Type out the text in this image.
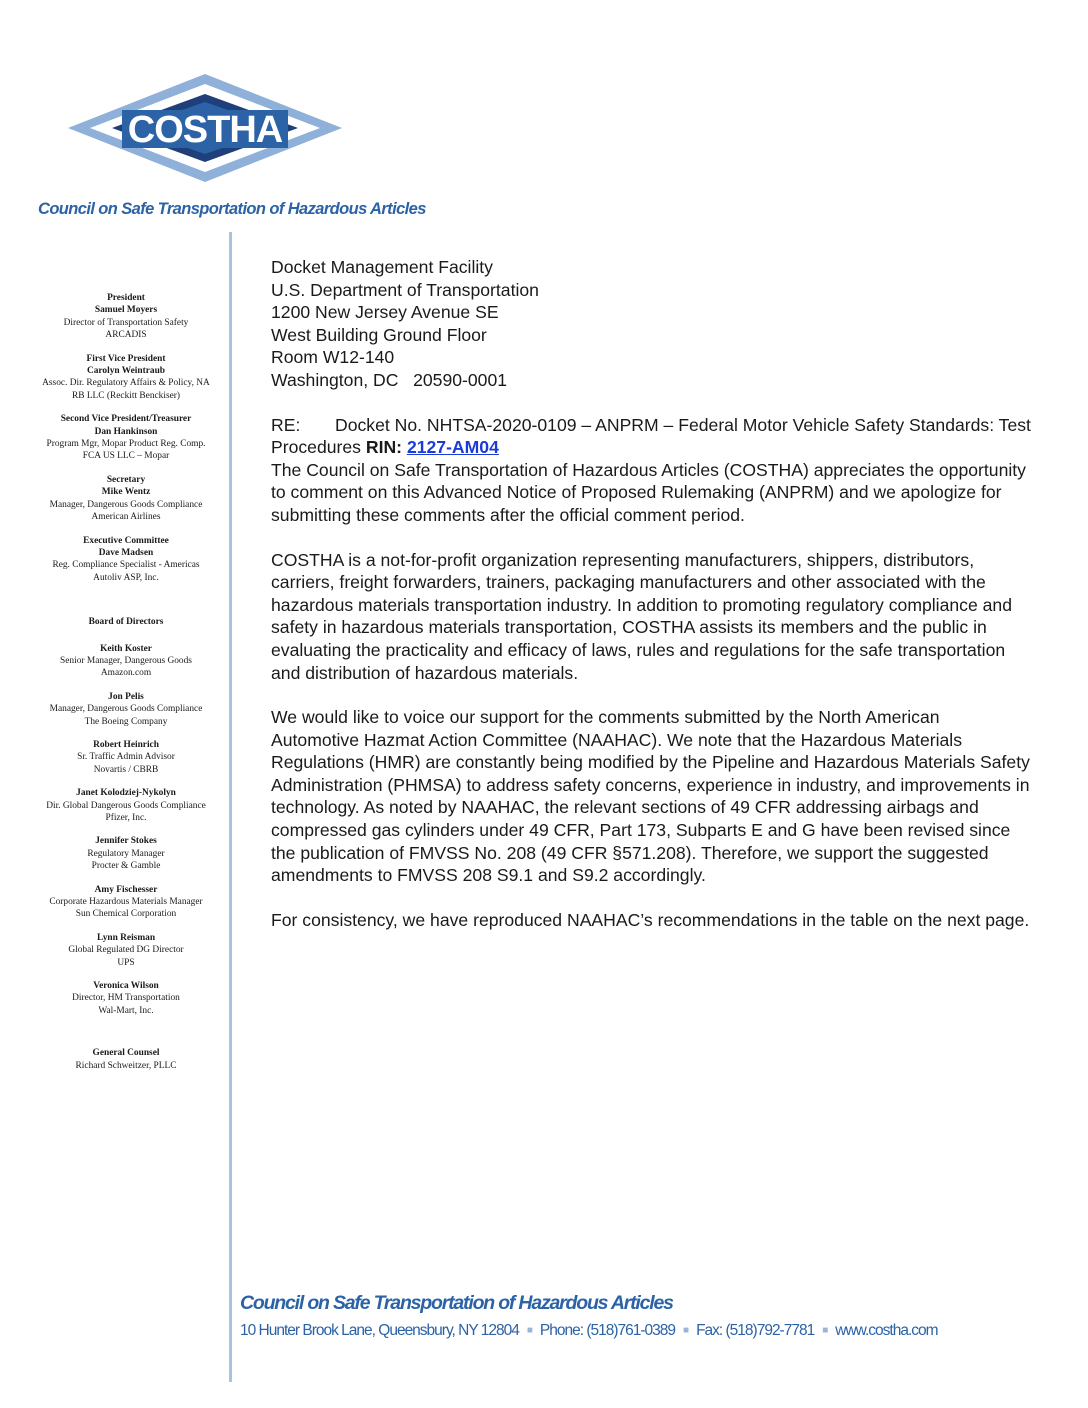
COSTHA
Council on Safe Transportation of Hazardous Articles
President
Samuel Moyers
Director of Transportation Safety
ARCADIS
First Vice President
Carolyn Weintraub
Assoc. Dir. Regulatory Affairs & Policy, NA
RB LLC (Reckitt Benckiser)
Second Vice President/Treasurer
Dan Hankinson
Program Mgr, Mopar Product Reg. Comp.
FCA US LLC – Mopar
Secretary
Mike Wentz
Manager, Dangerous Goods Compliance
American Airlines
Executive Committee
Dave Madsen
Reg. Compliance Specialist - Americas
Autoliv ASP, Inc.
Board of Directors
Keith Koster
Senior Manager, Dangerous Goods
Amazon.com
Jon Pelis
Manager, Dangerous Goods Compliance
The Boeing Company
Robert Heinrich
Sr. Traffic Admin Advisor
Novartis / CBRB
Janet Kolodziej-Nykolyn
Dir. Global Dangerous Goods Compliance
Pfizer, Inc.
Jennifer Stokes
Regulatory Manager
Procter & Gamble
Amy Fischesser
Corporate Hazardous Materials Manager
Sun Chemical Corporation
Lynn Reisman
Global Regulated DG Director
UPS
Veronica Wilson
Director, HM Transportation
Wal-Mart, Inc.
General Counsel
Richard Schweitzer, PLLC

Docket Management Facility

U.S. Department of Transportation

1200 New Jersey Avenue SE

West Building Ground Floor

Room W12-140

Washington, DC   20590-0001

RE: Docket No. NHTSA-2020-0109 – ANPRM – Federal Motor Vehicle Safety Standards: Test Procedures RIN: 2127-AM04

The Council on Safe Transportation of Hazardous Articles (COSTHA) appreciates the opportunity to comment on this Advanced Notice of Proposed Rulemaking (ANPRM) and we apologize for submitting these comments after the official comment period.

COSTHA is a not-for-profit organization representing manufacturers, shippers, distributors, carriers, freight forwarders, trainers, packaging manufacturers and other associated with the hazardous materials transportation industry. In addition to promoting regulatory compliance and safety in hazardous materials transportation, COSTHA assists its members and the public in evaluating the practicality and efficacy of laws, rules and regulations for the safe transportation and distribution of hazardous materials.

We would like to voice our support for the comments submitted by the North American Automotive Hazmat Action Committee (NAAHAC). We note that the Hazardous Materials Regulations (HMR) are constantly being modified by the Pipeline and Hazardous Materials Safety Administration (PHMSA) to address safety concerns, experience in industry, and improvements in technology. As noted by NAAHAC, the relevant sections of 49 CFR addressing airbags and compressed gas cylinders under 49 CFR, Part 173, Subparts E and G have been revised since the publication of FMVSS No. 208 (49 CFR §571.208). Therefore, we support the suggested amendments to FMVSS 208 S9.1 and S9.2 accordingly.

For consistency, we have reproduced NAAHAC’s recommendations in the table on the next page.

Council on Safe Transportation of Hazardous Articles
10 Hunter Brook Lane, Queensbury, NY 12804 ■ Phone: (518)761-0389 ■ Fax: (518)792-7781 ■ www.costha.com
